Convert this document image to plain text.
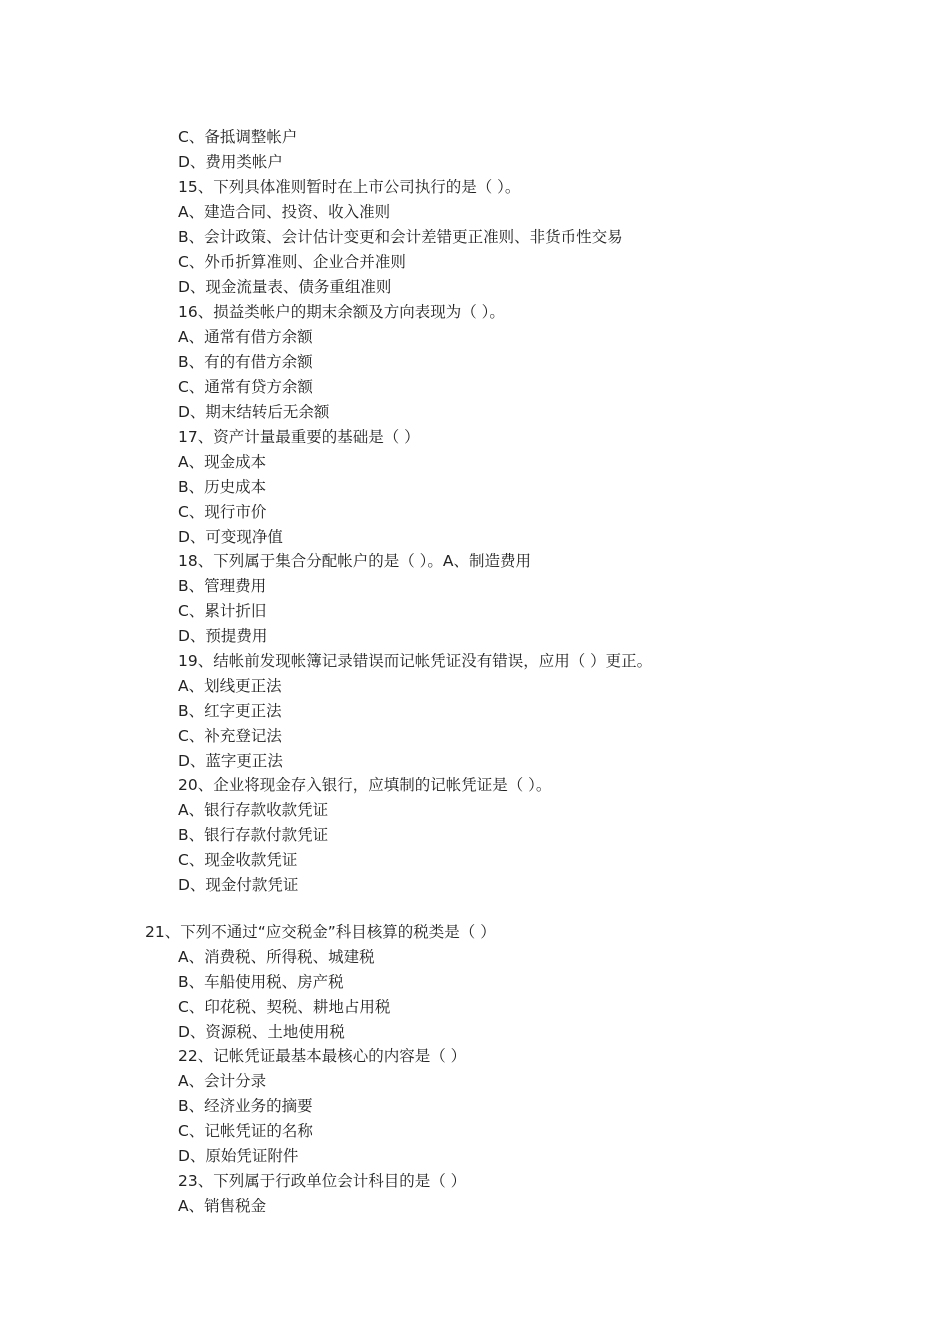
C、备抵调整帐户
D、费用类帐户
15、下列具体准则暂时在上市公司执行的是（ ）。
A、建造合同、投资、收入准则
B、会计政策、会计估计变更和会计差错更正准则、非货币性交易
C、外币折算准则、企业合并准则
D、现金流量表、债务重组准则
16、损益类帐户的期末余额及方向表现为（ ）。
A、通常有借方余额
B、有的有借方余额
C、通常有贷方余额
D、期末结转后无余额
17、资产计量最重要的基础是（ ）
A、现金成本
B、历史成本
C、现行市价
D、可变现净值
18、下列属于集合分配帐户的是（ ）。A、制造费用
B、管理费用
C、累计折旧
D、预提费用
19、结帐前发现帐簿记录错误而记帐凭证没有错误，应用（ ）更正。
A、划线更正法
B、红字更正法
C、补充登记法
D、蓝字更正法
20、企业将现金存入银行，应填制的记帐凭证是（ ）。
A、银行存款收款凭证
B、银行存款付款凭证
C、现金收款凭证
D、现金付款凭证
21、下列不通过“应交税金”科目核算的税类是（ ）
A、消费税、所得税、城建税
B、车船使用税、房产税
C、印花税、契税、耕地占用税
D、资源税、土地使用税
22、记帐凭证最基本最核心的内容是（ ）
A、会计分录
B、经济业务的摘要
C、记帐凭证的名称
D、原始凭证附件
23、下列属于行政单位会计科目的是（ ）
A、销售税金
